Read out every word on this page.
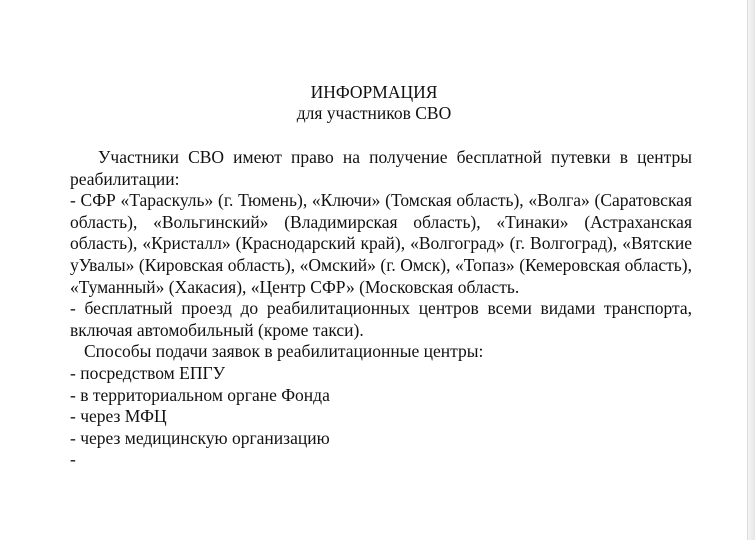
ИНФОРМАЦИЯ
для участников СВО

Участники СВО имеют право на получение бесплатной путевки в центры реабилитации:

- СФР «Тараскуль» (г. Тюмень), «Ключи» (Томская область), «Волга» (Саратовская область), «Вольгинский» (Владимирская область), «Тинаки» (Астраханская область), «Кристалл» (Краснодарский край), «Волгоград» (г. Волгоград), «Вятские уУвалы» (Кировская область), «Омский» (г. Омск), «Топаз» (Кемеровская область), «Туманный» (Хакасия), «Центр СФР» (Московская область.

- бесплатный проезд до реабилитационных центров всеми видами транспорта, включая автомобильный (кроме такси).

Способы подачи заявок в реабилитационные центры:

- посредством ЕПГУ

- в территориальном органе Фонда

- через МФЦ

- через медицинскую организацию

-
